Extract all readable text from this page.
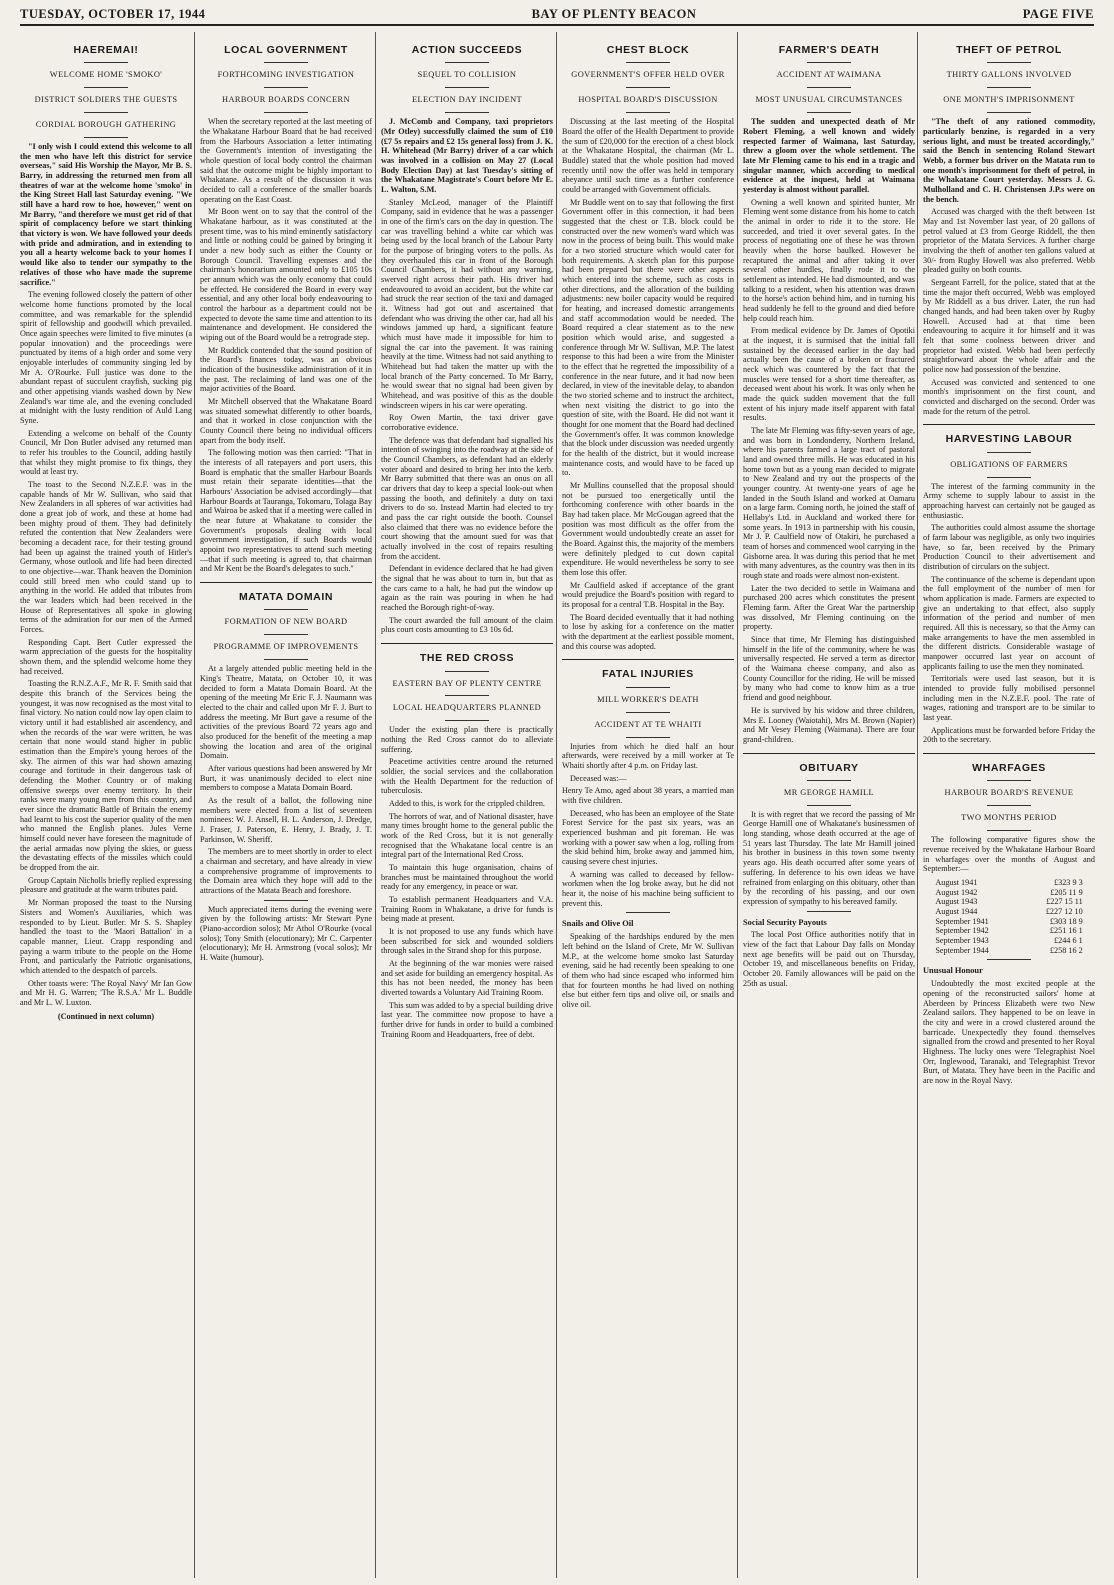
TUESDAY, OCTOBER 17, 1944	BAY OF PLENTY BEACON	PAGE FIVE
HAEREMAI!
WELCOME HOME 'SMOKO'
DISTRICT SOLDIERS THE GUESTS
CORDIAL BOROUGH GATHERING

"I only wish I could extend this welcome to all the men who have left this district for service overseas," said His Worship the Mayor, Mr B. S. Barry, in addressing the returned men from all theatres of war at the welcome home 'smoko' in the King Street Hall last Saturday evening. "We still have a hard row to hoe, however," went on Mr Barry, "and therefore we must get rid of that spirit of complacency before we start thinking that victory is won. We have followed your deeds with pride and admiration, and in extending to you all a hearty welcome back to your homes I would like also to tender our sympathy to the relatives of those who have made the supreme sacrifice."

The evening followed closely the pattern of other welcome home functions promoted by the local committee, and was remarkable for the splendid spirit of fellowship and goodwill which prevailed. Once again speeches were limited to five minutes (a popular innovation) and the proceedings were punctuated by items of a high order and some very enjoyable interludes of community singing led by Mr A. O'Rourke. Full justice was done to the abundant repast of succulent crayfish, sucking pig and other appetising viands washed down by New Zealand's war time ale, and the evening concluded at midnight with the lusty rendition of Auld Lang Syne.

Extending a welcome on behalf of the County Council, Mr Don Butler advised any returned man to refer his troubles to the Council, adding hastily that whilst they might promise to fix things, they would at least try.

The toast to the Second N.Z.E.F. was in the capable hands of Mr W. Sullivan, who said that New Zealanders in all spheres of war activities had done a great job of work, and these at home had been mighty proud of them. They had definitely refuted the contention that New Zealanders were becoming a decadent race, for their testing ground had been up against the trained youth of Hitler's Germany, whose outlook and life had been directed to one objective—war. Thank heaven the Dominion could still breed men who could stand up to anything in the world. He added that tributes from the war leaders which had been received in the House of Representatives all spoke in glowing terms of the admiration for our men of the Armed Forces.

Responding Capt. Bert Cutler expressed the warm appreciation of the guests for the hospitality shown them, and the splendid welcome home they had received.

Toasting the R.N.Z.A.F., Mr R. F. Smith said that despite this branch of the Services being the youngest, it was now recognised as the most vital to final victory. No nation could now lay open claim to victory until it had established air ascendency, and when the records of the war were written, he was certain that none would stand higher in public estimation than the Empire's young heroes of the sky. The airmen of this war had shown amazing courage and fortitude in their dangerous task of defending the Mother Country or of making offensive sweeps over enemy territory. In their ranks were many young men from this country, and ever since the dramatic Battle of Britain the enemy had learnt to his cost the superior quality of the men who manned the English planes. Jules Verne himself could never have foreseen the magnitude of the aerial armadas now plying the skies, or guess the devastating effects of the missiles which could be dropped from the air.

Group Captain Nicholls briefly replied expressing pleasure and gratitude at the warm tributes paid.

Mr Norman proposed the toast to the Nursing Sisters and Women's Auxiliaries, which was responded to by Lieut. Butler. Mr S. S. Shapley handled the toast to the 'Maori Battalion' in a capable manner, Lieut. Crapp responding and paying a warm tribute to the people on the Home Front, and particularly the Patriotic organisations, which attended to the despatch of parcels.

Other toasts were: 'The Royal Navy' Mr Ian Gow and Mr H. G. Warren; 'The R.S.A.' Mr L. Buddle and Mr L. W. Luxton.

(Continued in next column)
LOCAL GOVERNMENT
FORTHCOMING INVESTIGATION
HARBOUR BOARDS CONCERN

When the secretary reported at the last meeting of the Whakatane Harbour Board that he had received from the Harbours Association a letter intimating the Government's intention of investigating the whole question of local body control the chairman said that the outcome might be highly important to Whakatane. As a result of the discussion it was decided to call a conference of the smaller boards operating on the East Coast.

Mr Boon went on to say that the control of the Whakatane harbour, as it was constituted at the present time, was to his mind eminently satisfactory and little or nothing could be gained by bringing it under a new body such as either the County or Borough Council. Travelling expenses and the chairman's honorarium amounted only to £105 10s per annum which was the only economy that could be effected. He considered the Board in every way essential, and any other local body endeavouring to control the harbour as a department could not be expected to devote the same time and attention to its maintenance and development. He considered the wiping out of the Board would be a retrograde step.

Mr Ruddick contended that the sound position of the Board's finances today, was an obvious indication of the businesslike administration of it in the past. The reclaiming of land was one of the major activities of the Board.

Mr Mitchell observed that the Whakatane Board was situated somewhat differently to other boards, and that it worked in close conjunction with the County Council there being no individual officers apart from the body itself.

The following motion was then carried: "That in the interests of all ratepayers and port users, this Board is emphatic that the smaller Harbour Boards must retain their separate identities—that the Harbours' Association be advised accordingly—that Harbour Boards at Tauranga, Tokomaru, Tolaga Bay and Wairoa be asked that if a meeting were called in the near future at Whakatane to consider the Government's proposals dealing with local government investigation, if such Boards would appoint two representatives to attend such meeting—that if such meeting is agreed to, that chairman and Mr Kent be the Board's delegates to such."

MATATA DOMAIN
FORMATION OF NEW BOARD
PROGRAMME OF IMPROVEMENTS

At a largely attended public meeting held in the King's Theatre, Matata, on October 10, it was decided to form a Matata Domain Board. At the opening of the meeting Mr Eric F. J. Naumann was elected to the chair and called upon Mr F. J. Burt to address the meeting. Mr Burt gave a resume of the activities of the previous Board 72 years ago and also produced for the benefit of the meeting a map showing the location and area of the original Domain.

After various questions had been answered by Mr Burt, it was unanimously decided to elect nine members to compose a Matata Domain Board.

As the result of a ballot, the following nine members were elected from a list of seventeen nominees: W. J. Ansell, H. L. Anderson, J. Dredge, J. Fraser, J. Paterson, E. Henry, J. Brady, J. T. Parkinson, W. Sheriff.

The members are to meet shortly in order to elect a chairman and secretary, and have already in view a comprehensive programme of improvements to the Domain area which they hope will add to the attractions of the Matata Beach and foreshore.

Much appreciated items during the evening were given by the following artists: Mr Stewart Pyne (Piano-accordion solos); Mr Athol O'Rourke (vocal solos); Tony Smith (elocutionary); Mr C. Carpenter (elocutionary); Mr H. Armstrong (vocal solos); Mr H. Waite (humour).

ACTION SUCCEEDS
SEQUEL TO COLLISION
ELECTION DAY INCIDENT

J. McComb and Company, taxi proprietors (Mr Otley) successfully claimed the sum of £10 (£7 5s repairs and £2 15s general loss) from J. K. H. Whitehead (Mr Barry) driver of a car which was involved in a collision on May 27 (Local Body Election Day) at last Tuesday's sitting of the Whakatane Magistrate's Court before Mr E. L. Walton, S.M.

Stanley McLeod, manager of the Plaintiff Company, said in evidence that he was a passenger in one of the firm's cars on the day in question. The car was travelling behind a white car which was being used by the local branch of the Labour Party for the purpose of bringing voters to the polls. As they overhauled this car in front of the Borough Council Chambers, it had without any warning, swerved right across their path. His driver had endeavoured to avoid an accident, but the white car had struck the rear section of the taxi and damaged it. Witness had got out and ascertained that defendant who was driving the other car, had all his windows jammed up hard, a significant feature which must have made it impossible for him to signal the car into the pavement. It was raining heavily at the time. Witness had not said anything to Whitehead but had taken the matter up with the local branch of the Party concerned. To Mr Barry, he would swear that no signal had been given by Whitehead, and was positive of this as the double windscreen wipers in his car were operating.

Roy Owen Martin, the taxi driver gave corroborative evidence.

The defence was that defendant had signalled his intention of swinging into the roadway at the side of the Council Chambers, as defendant had an elderly voter aboard and desired to bring her into the kerb. Mr Barry submitted that there was an onus on all car drivers that day to keep a special look-out when passing the booth, and definitely a duty on taxi drivers to do so. Instead Martin had elected to try and pass the car right outside the booth. Counsel also claimed that there was no evidence before the court showing that the amount sued for was that actually involved in the cost of repairs resulting from the accident.

Defendant in evidence declared that he had given the signal that he was about to turn in, but that as the cars came to a halt, he had put the window up again as the rain was pouring in when he had reached the Borough right-of-way.

The court awarded the full amount of the claim plus court costs amounting to £3 10s 6d.

THE RED CROSS
EASTERN BAY OF PLENTY CENTRE
LOCAL HEADQUARTERS PLANNED

Under the existing plan there is practically nothing the Red Cross cannot do to alleviate suffering.

Peacetime activities centre around the returned soldier, the social services and the collaboration with the Health Department for the reduction of tuberculosis.

Added to this, is work for the crippled children.

The horrors of war, and of National disaster, have many times brought home to the general public the work of the Red Cross, but it is not generally recognised that the Whakatane local centre is an integral part of the International Red Cross.

To maintain this huge organisation, chains of branches must be maintained throughout the world ready for any emergency, in peace or war.

To establish permanent Headquarters and V.A. Training Room in Whakatane, a drive for funds is being made at present.

It is not proposed to use any funds which have been subscribed for sick and wounded soldiers through sales in the Strand shop for this purpose.

At the beginning of the war monies were raised and set aside for building an emergency hospital. As this has not been needed, the money has been diverted towards a Voluntary Aid Training Room.

This sum was added to by a special building drive last year. The committee now propose to have a further drive for funds in order to build a combined Training Room and Headquarters, free of debt.

CHEST BLOCK
GOVERNMENT'S OFFER HELD OVER
HOSPITAL BOARD'S DISCUSSION

Discussing at the last meeting of the Hospital Board the offer of the Health Department to provide the sum of £20,000 for the erection of a chest block at the Whakatane Hospital, the chairman (Mr L. Buddle) stated that the whole position had moved recently until now the offer was held in temporary abeyance until such time as a further conference could be arranged with Government officials.

Mr Buddle went on to say that following the first Government offer in this connection, it had been suggested that the chest or T.B. block could be constructed over the new women's ward which was now in the process of being built. This would make for a two storied structure which would cater for both requirements. A sketch plan for this purpose had been prepared but there were other aspects which entered into the scheme, such as costs in other directions, and the allocation of the building adjustments: new boiler capacity would be required for heating, and increased domestic arrangements and staff accommodation would be needed. The Board required a clear statement as to the new position which would arise, and suggested a conference through Mr W. Sullivan, M.P. The latest response to this had been a wire from the Minister to the effect that he regretted the impossibility of a conference in the near future, and it had now been declared, in view of the inevitable delay, to abandon the two storied scheme and to instruct the architect, when next visiting the district to go into the question of site, with the Board. He did not want it thought for one moment that the Board had declined the Government's offer. It was common knowledge that the block under discussion was needed urgently for the health of the district, but it would increase maintenance costs, and would have to be faced up to.

Mr Mullins counselled that the proposal should not be pursued too energetically until the forthcoming conference with other boards in the Bay had taken place. Mr McGougan agreed that the position was most difficult as the offer from the Government would undoubtedly create an asset for the Board. Against this, the majority of the members were definitely pledged to cut down capital expenditure. He would nevertheless be sorry to see them lose this offer.

Mr Caulfield asked if acceptance of the grant would prejudice the Board's position with regard to its proposal for a central T.B. Hospital in the Bay.

The Board decided eventually that it had nothing to lose by asking for a conference on the matter with the department at the earliest possible moment, and this course was adopted.

FATAL INJURIES
MILL WORKER'S DEATH
ACCIDENT AT TE WHAITI

Injuries from which he died half an hour afterwards, were received by a mill worker at Te Whaiti shortly after 4 p.m. on Friday last.

Deceased was:—

Henry Te Amo, aged about 38 years, a married man with five children.

Deceased, who has been an employee of the State Forest Service for the past six years, was an experienced bushman and pit foreman. He was working with a power saw when a log, rolling from the skid behind him, broke away and jammed him, causing severe chest injuries.

A warning was called to deceased by fellow-workmen when the log broke away, but he did not hear it, the noise of his machine being sufficient to prevent this.

Snails and Olive Oil

Speaking of the hardships endured by the men left behind on the Island of Crete, Mr W. Sullivan M.P., at the welcome home smoko last Saturday evening, said he had recently been speaking to one of them who had since escaped who informed him that for fourteen months he had lived on nothing else but either fern tips and olive oil, or snails and olive oil.

FARMER'S DEATH
ACCIDENT AT WAIMANA
MOST UNUSUAL CIRCUMSTANCES

The sudden and unexpected death of Mr Robert Fleming, a well known and widely respected farmer of Waimana, last Saturday, threw a gloom over the whole settlement. The late Mr Fleming came to his end in a tragic and singular manner, which according to medical evidence at the inquest, held at Waimana yesterday is almost without parallel.

Owning a well known and spirited hunter, Mr Fleming went some distance from his home to catch the animal in order to ride it to the store. He succeeded, and tried it over several gates. In the process of negotiating one of these he was thrown heavily when the horse baulked. However he recaptured the animal and after taking it over several other hurdles, finally rode it to the settlement as intended. He had dismounted, and was talking to a resident, when his attention was drawn to the horse's action behind him, and in turning his head suddenly he fell to the ground and died before help could reach him.

From medical evidence by Dr. James of Opotiki at the inquest, it is surmised that the initial fall sustained by the deceased earlier in the day had actually been the cause of a broken or fractured neck which was countered by the fact that the muscles were tensed for a short time thereafter, as deceased went about his work. It was only when he made the quick sudden movement that the full extent of his injury made itself apparent with fatal results.

The late Mr Fleming was fifty-seven years of age, and was born in Londonderry, Northern Ireland, where his parents farmed a large tract of pastoral land and owned three mills. He was educated in his home town but as a young man decided to migrate to New Zealand and try out the prospects of the younger country. At twenty-one years of age he landed in the South Island and worked at Oamaru on a large farm. Coming north, he joined the staff of Hellaby's Ltd. in Auckland and worked there for some years. In 1913 in partnership with his cousin, Mr J. P. Caulfield now of Otakiri, he purchased a team of horses and commenced wool carrying in the Gisborne area. It was during this period that he met with many adventures, as the country was then in its rough state and roads were almost non-existent.

Later the two decided to settle in Waimana and purchased 200 acres which constitutes the present Fleming farm. After the Great War the partnership was dissolved, Mr Fleming continuing on the property.

Since that time, Mr Fleming has distinguished himself in the life of the community, where he was universally respected. He served a term as director of the Waimana cheese company, and also as County Councillor for the riding. He will be missed by many who had come to know him as a true friend and good neighbour.

He is survived by his widow and three children, Mrs E. Looney (Waiotahi), Mrs M. Brown (Napier) and Mr Vesey Fleming (Waimana). There are four grand-children.

OBITUARY
MR GEORGE HAMILL

It is with regret that we record the passing of Mr George Hamill one of Whakatane's businessmen of long standing, whose death occurred at the age of 51 years last Thursday. The late Mr Hamill joined his brother in business in this town some twenty years ago. His death occurred after some years of suffering. In deference to his own ideas we have refrained from enlarging on this obituary, other than by the recording of his passing, and our own expression of sympathy to his bereaved family.

Social Security Payouts

The local Post Office authorities notify that in view of the fact that Labour Day falls on Monday next age benefits will be paid out on Thursday, October 19, and miscellaneous benefits on Friday, October 20. Family allowances will be paid on the 25th as usual.

THEFT OF PETROL
THIRTY GALLONS INVOLVED
ONE MONTH'S IMPRISONMENT

"The theft of any rationed commodity, particularly benzine, is regarded in a very serious light, and must be treated accordingly," said the Bench in sentencing Roland Stewart Webb, a former bus driver on the Matata run to one month's imprisonment for theft of petrol, in the Whakatane Court yesterday. Messrs J. G. Mulholland and C. H. Christensen J.P.s were on the bench.

Accused was charged with the theft between 1st May and 1st November last year, of 20 gallons of petrol valued at £3 from George Riddell, the then proprietor of the Matata Services. A further charge involving the theft of another ten gallons valued at 30/- from Rugby Howell was also preferred. Webb pleaded guilty on both counts.

Sergeant Farrell, for the police, stated that at the time the major theft occurred, Webb was employed by Mr Riddell as a bus driver. Later, the run had changed hands, and had been taken over by Rugby Howell. Accused had at that time been endeavouring to acquire it for himself and it was felt that some coolness between driver and proprietor had existed. Webb had been perfectly straightforward about the whole affair and the police now had possession of the benzine.

Accused was convicted and sentenced to one month's imprisonment on the first count, and convicted and discharged on the second. Order was made for the return of the petrol.

HARVESTING LABOUR
OBLIGATIONS OF FARMERS

The interest of the farming community in the Army scheme to supply labour to assist in the approaching harvest can certainly not be gauged as enthusiastic.

The authorities could almost assume the shortage of farm labour was negligible, as only two inquiries have, so far, been received by the Primary Production Council to their advertisement and distribution of circulars on the subject.

The continuance of the scheme is dependant upon the full employment of the number of men for whom application is made. Farmers are expected to give an undertaking to that effect, also supply information of the period and number of men required. All this is necessary, so that the Army can make arrangements to have the men assembled in the different districts. Considerable wastage of manpower occurred last year on account of applicants failing to use the men they nominated.

Territorials were used last season, but it is intended to provide fully mobilised personnel including men in the N.Z.E.F. pool. The rate of wages, rationing and transport are to be similar to last year.

Applications must be forwarded before Friday the 20th to the secretary.

WHARFAGES
HARBOUR BOARD'S REVENUE
TWO MONTHS PERIOD

The following comparative figures show the revenue received by the Whakatane Harbour Board in wharfages over the months of August and September:—

August 1941	£323 9 3
August 1942	£205 11 9
August 1943	£227 15 11
August 1944	£227 12 10
September 1941	£303 18 9
September 1942	£251 16 1
September 1943	£244 6 1
September 1944	£258 16 2
Unusual Honour

Undoubtedly the most excited people at the opening of the reconstructed sailors' home at Aberdeen by Princess Elizabeth were two New Zealand sailors. They happened to be on leave in the city and were in a crowd clustered around the barricade. Unexpectedly they found themselves signalled from the crowd and presented to her Royal Highness. The lucky ones were 'Telegraphist Noel Orr, Inglewood, Taranaki, and Telegraphist Trevor Burt, of Matata. They have been in the Pacific and are now in the Royal Navy.
